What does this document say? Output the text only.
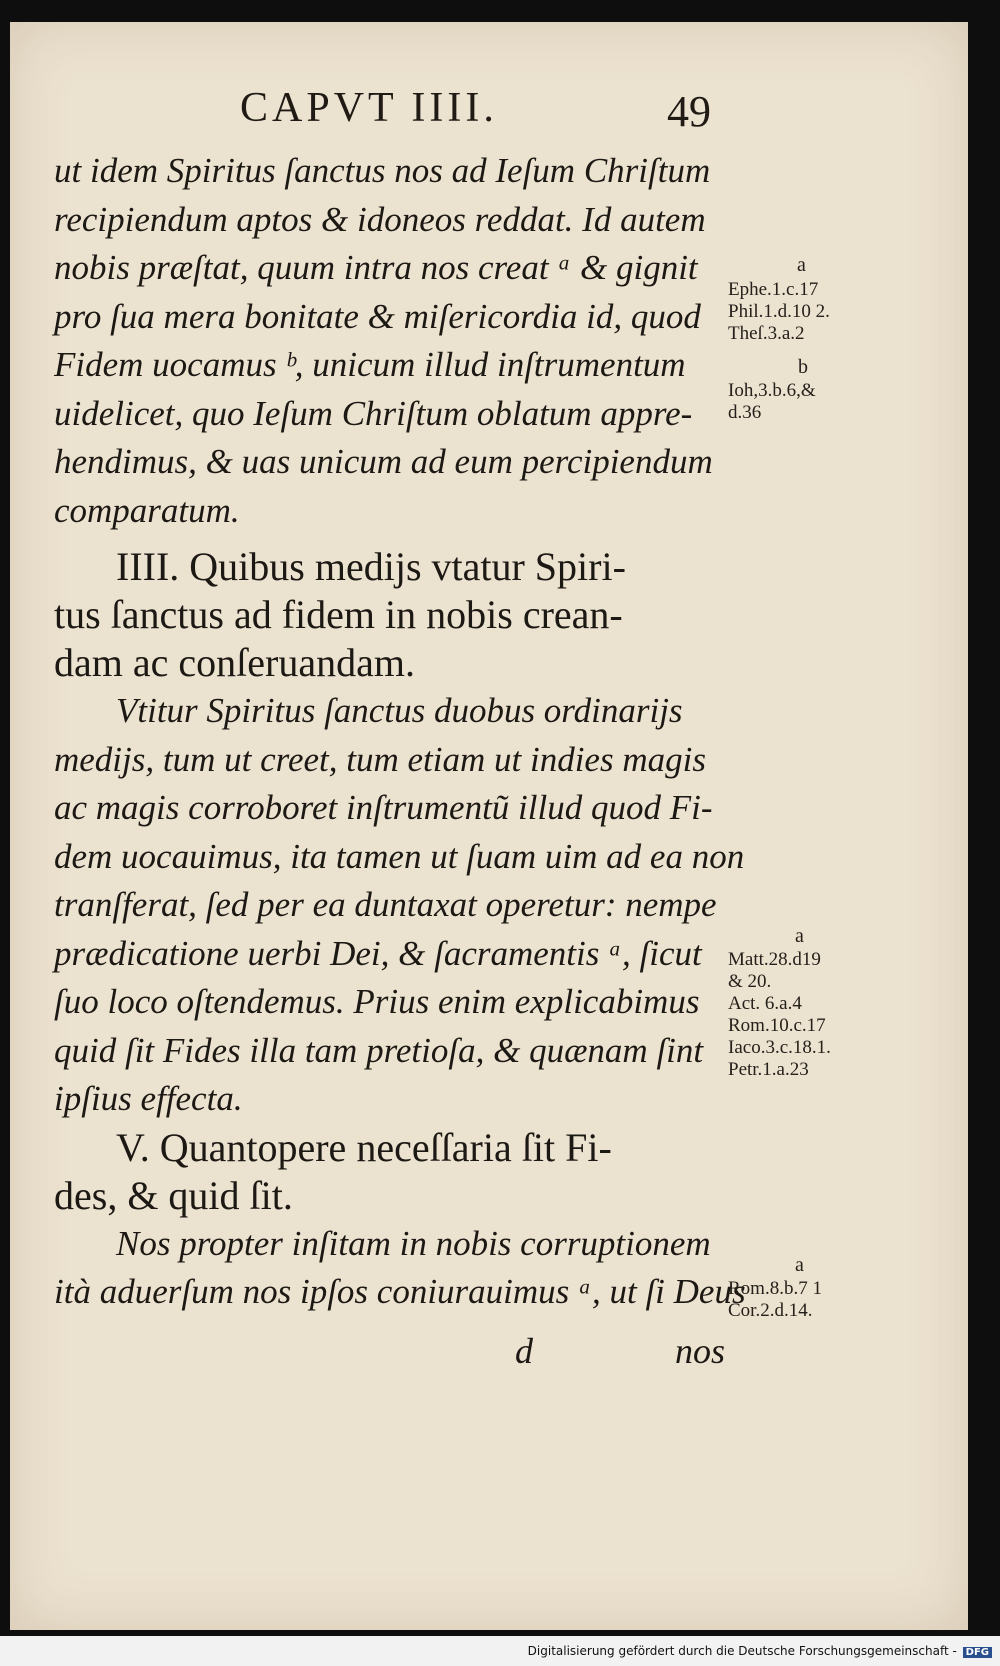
CAPVT IIII.	49
ut idem Spiritus ſanctus nos ad Ieſum Chriſtum
recipiendum aptos & idoneos reddat. Id autem
nobis præſtat, quum intra nos creat ᵃ & gignit
pro ſua mera bonitate & miſericordia id, quod
Fidem uocamus ᵇ, unicum illud inſtrumentum
uidelicet, quo Ieſum Chriſtum oblatum appre-
hendimus, & uas unicum ad eum percipiendum
comparatum.
IIII. Quibus medijs vtatur Spiri-
tus ſanctus ad fidem in nobis crean-
dam ac conſeruandam.
Vtitur Spiritus ſanctus duobus ordinarijs
medijs, tum ut creet, tum etiam ut indies magis
ac magis corroboret inſtrumentũ illud quod Fi-
dem uocauimus, ita tamen ut ſuam uim ad ea non
tranſferat, ſed per ea duntaxat operetur: nempe
prædicatione uerbi Dei, & ſacramentis ᵃ, ſicut
ſuo loco oſtendemus. Prius enim explicabimus
quid ſit Fides illa tam pretioſa, & quænam ſint
ipſius effecta.
V. Quantopere neceſſaria ſit Fi-
des, & quid ſit.
Nos propter inſitam in nobis corruptionem
ità aduerſum nos ipſos coniurauimus ᵃ, ut ſi Deus
a
Ephe.1.c.17
Phil.1.d.10 2.
Theſ.3.a.2
b
Ioh,3.b.6,&
d.36
a
Matt.28.d19
& 20.
Act. 6.a.4
Rom.10.c.17
Iaco.3.c.18.1.
Petr.1.a.23
a
Rom.8.b.7 1
Cor.2.d.14.
d	nos
Digitalisierung gefördert durch die Deutsche Forschungsgemeinschaft - DFG
